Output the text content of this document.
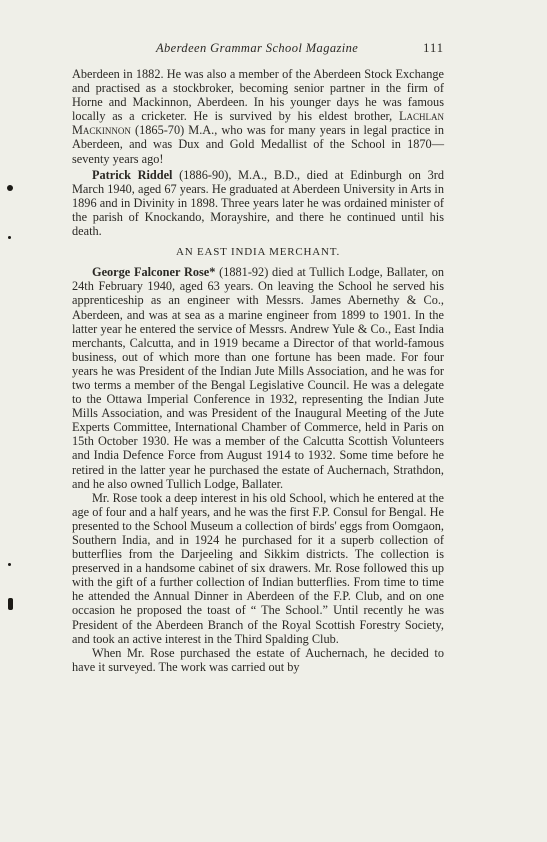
Aberdeen Grammar School Magazine	111

Aberdeen in 1882. He was also a member of the Aberdeen Stock Exchange and practised as a stockbroker, becoming senior partner in the firm of Horne and Mackinnon, Aberdeen. In his younger days he was famous locally as a cricketer. He is survived by his eldest brother, Lachlan Mackinnon (1865-70) M.A., who was for many years in legal practice in Aberdeen, and was Dux and Gold Medallist of the School in 1870—seventy years ago!

Patrick Riddel (1886-90), M.A., B.D., died at Edinburgh on 3rd March 1940, aged 67 years. He graduated at Aberdeen University in Arts in 1896 and in Divinity in 1898. Three years later he was ordained minister of the parish of Knockando, Morayshire, and there he continued until his death.

AN EAST INDIA MERCHANT.

George Falconer Rose* (1881-92) died at Tullich Lodge, Ballater, on 24th February 1940, aged 63 years. On leaving the School he served his apprenticeship as an engineer with Messrs. James Abernethy & Co., Aberdeen, and was at sea as a marine engineer from 1899 to 1901. In the latter year he entered the service of Messrs. Andrew Yule & Co., East India merchants, Calcutta, and in 1919 became a Director of that world-famous business, out of which more than one fortune has been made. For four years he was President of the Indian Jute Mills Association, and he was for two terms a member of the Bengal Legislative Council. He was a delegate to the Ottawa Imperial Conference in 1932, representing the Indian Jute Mills Association, and was President of the Inaugural Meeting of the Jute Experts Committee, International Chamber of Commerce, held in Paris on 15th October 1930. He was a member of the Calcutta Scottish Volunteers and India Defence Force from August 1914 to 1932. Some time before he retired in the latter year he purchased the estate of Auchernach, Strathdon, and he also owned Tullich Lodge, Ballater.

Mr. Rose took a deep interest in his old School, which he entered at the age of four and a half years, and he was the first F.P. Consul for Bengal. He presented to the School Museum a collection of birds' eggs from Oomgaon, Southern India, and in 1924 he purchased for it a superb collection of butterflies from the Darjeeling and Sikkim districts. The collection is preserved in a handsome cabinet of six drawers. Mr. Rose followed this up with the gift of a further collection of Indian butterflies. From time to time he attended the Annual Dinner in Aberdeen of the F.P. Club, and on one occasion he proposed the toast of “ The School.” Until recently he was President of the Aberdeen Branch of the Royal Scottish Forestry Society, and took an active interest in the Third Spalding Club.

When Mr. Rose purchased the estate of Auchernach, he decided to have it surveyed. The work was carried out by
